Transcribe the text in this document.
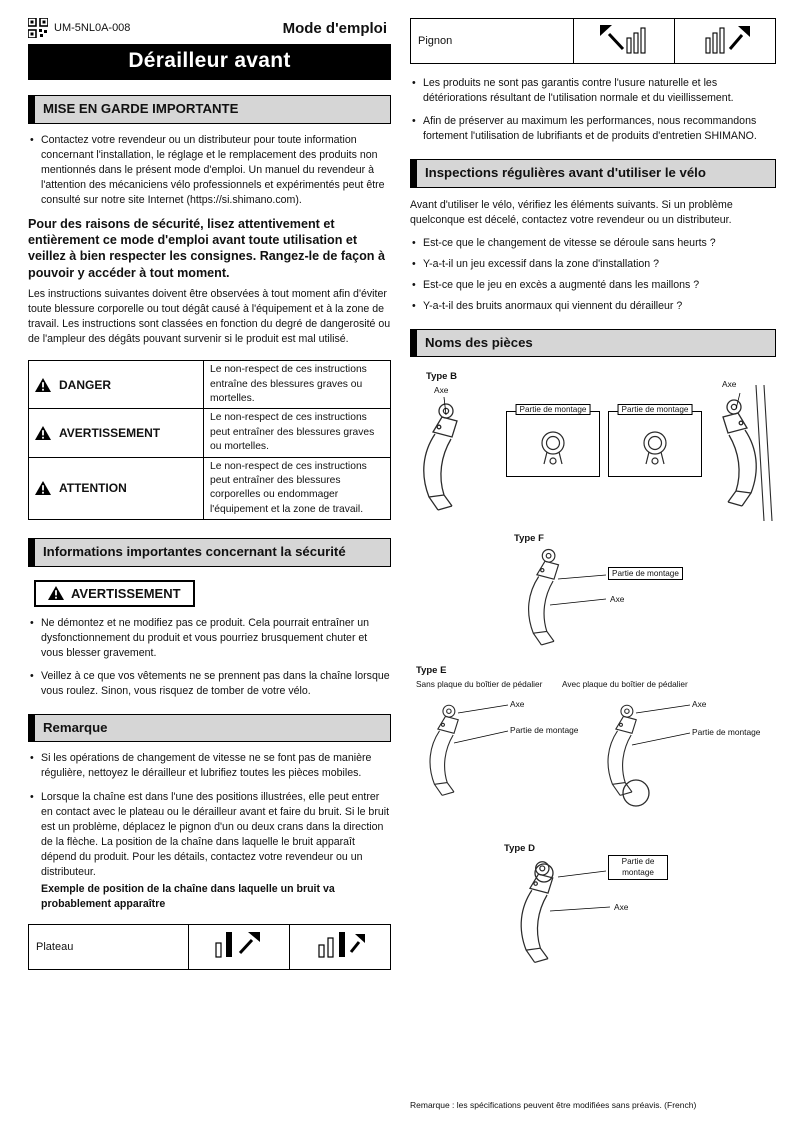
UM-5NL0A-008	Mode d'emploi
Dérailleur avant
MISE EN GARDE IMPORTANTE
• Contactez votre revendeur ou un distributeur pour toute information concernant l'installation, le réglage et le remplacement des produits non mentionnés dans le présent mode d'emploi. Un manuel du revendeur à l'attention des mécaniciens vélo professionnels et expérimentés peut être consulté sur notre site Internet (https://si.shimano.com).
Pour des raisons de sécurité, lisez attentivement et entièrement ce mode d'emploi avant toute utilisation et veillez à bien respecter les consignes. Rangez-le de façon à pouvoir y accéder à tout moment.
Les instructions suivantes doivent être observées à tout moment afin d'éviter toute blessure corporelle ou tout dégât causé à l'équipement et à la zone de travail. Les instructions sont classées en fonction du degré de dangerosité ou de l'ampleur des dégâts pouvant survenir si le produit est mal utilisé.
DANGER	Le non-respect de ces instructions entraîne des blessures graves ou mortelles.

AVERTISSEMENT	Le non-respect de ces instructions peut entraîner des blessures graves ou mortelles.

ATTENTION	Le non-respect de ces instructions peut entraîner des blessures corporelles ou endommager l'équipement et la zone de travail.
Informations importantes concernant la sécurité
AVERTISSEMENT
• Ne démontez et ne modifiez pas ce produit. Cela pourrait entraîner un dysfonctionnement du produit et vous pourriez brusquement chuter et vous blesser gravement.
• Veillez à ce que vos vêtements ne se prennent pas dans la chaîne lorsque vous roulez. Sinon, vous risquez de tomber de votre vélo.
Remarque
• Si les opérations de changement de vitesse ne se font pas de manière régulière, nettoyez le dérailleur et lubrifiez toutes les pièces mobiles.
• Lorsque la chaîne est dans l'une des positions illustrées, elle peut entrer en contact avec le plateau ou le dérailleur avant et faire du bruit. Si le bruit est un problème, déplacez le pignon d'un ou deux crans dans la direction de la flèche. La position de la chaîne dans laquelle le bruit apparaît dépend du produit. Pour les détails, contactez votre revendeur ou un distributeur.
Exemple de position de la chaîne dans laquelle un bruit va probablement apparaître
Plateau		
Pignon		
• Les produits ne sont pas garantis contre l'usure naturelle et les détériorations résultant de l'utilisation normale et du vieillissement.
• Afin de préserver au maximum les performances, nous recommandons fortement l'utilisation de lubrifiants et de produits d'entretien SHIMANO.
Inspections régulières avant d'utiliser le vélo
Avant d'utiliser le vélo, vérifiez les éléments suivants. Si un problème quelconque est décelé, contactez votre revendeur ou un distributeur.
• Est-ce que le changement de vitesse se déroule sans heurts ?
• Y-a-t-il un jeu excessif dans la zone d'installation ?
• Est-ce que le jeu en excès a augmenté dans les maillons ?
• Y-a-t-il des bruits anormaux qui viennent du dérailleur ?
Noms des pièces
Type B
Axe
Partie de montage	Partie de montage
Axe
Type F
Partie de montage
Axe
Type E
Sans plaque du boîtier de pédalier Avec plaque du boîtier de pédalier
Axe
Partie de montage
Axe
Partie de montage
Type D
Partie de montage
Axe
Remarque : les spécifications peuvent être modifiées sans préavis. (French)
